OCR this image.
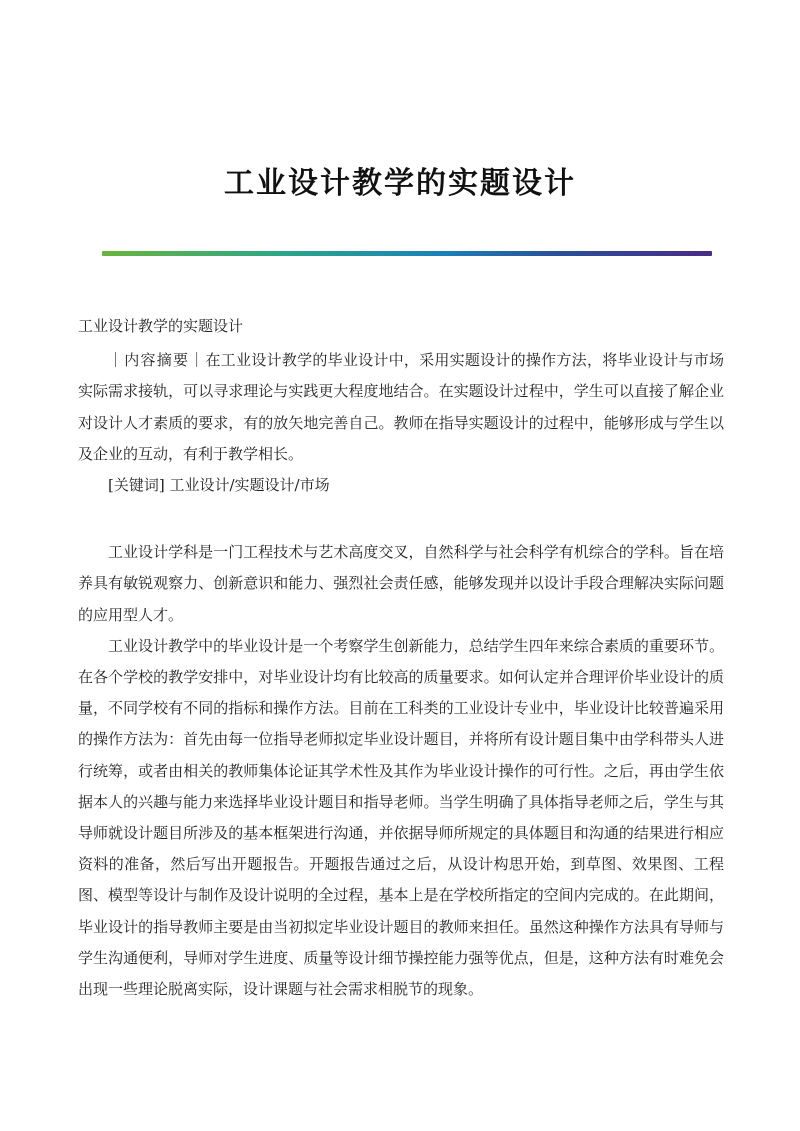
工业设计教学的实题设计

工业设计教学的实题设计

｜内容摘要｜在工业设计教学的毕业设计中，采用实题设计的操作方法，将毕业设计与市场实际需求接轨，可以寻求理论与实践更大程度地结合。在实题设计过程中，学生可以直接了解企业对设计人才素质的要求，有的放矢地完善自己。教师在指导实题设计的过程中，能够形成与学生以及企业的互动，有利于教学相长。

[关键词] 工业设计/实题设计/市场

工业设计学科是一门工程技术与艺术高度交叉，自然科学与社会科学有机综合的学科。旨在培养具有敏锐观察力、创新意识和能力、强烈社会责任感，能够发现并以设计手段合理解决实际问题的应用型人才。

工业设计教学中的毕业设计是一个考察学生创新能力，总结学生四年来综合素质的重要环节。在各个学校的教学安排中，对毕业设计均有比较高的质量要求。如何认定并合理评价毕业设计的质量，不同学校有不同的指标和操作方法。目前在工科类的工业设计专业中，毕业设计比较普遍采用的操作方法为：首先由每一位指导老师拟定毕业设计题目，并将所有设计题目集中由学科带头人进行统筹，或者由相关的教师集体论证其学术性及其作为毕业设计操作的可行性。之后，再由学生依据本人的兴趣与能力来选择毕业设计题目和指导老师。当学生明确了具体指导老师之后，学生与其导师就设计题目所涉及的基本框架进行沟通，并依据导师所规定的具体题目和沟通的结果进行相应资料的准备，然后写出开题报告。开题报告通过之后，从设计构思开始，到草图、效果图、工程图、模型等设计与制作及设计说明的全过程，基本上是在学校所指定的空间内完成的。在此期间，毕业设计的指导教师主要是由当初拟定毕业设计题目的教师来担任。虽然这种操作方法具有导师与学生沟通便利，导师对学生进度、质量等设计细节操控能力强等优点，但是，这种方法有时难免会出现一些理论脱离实际，设计课题与社会需求相脱节的现象。
